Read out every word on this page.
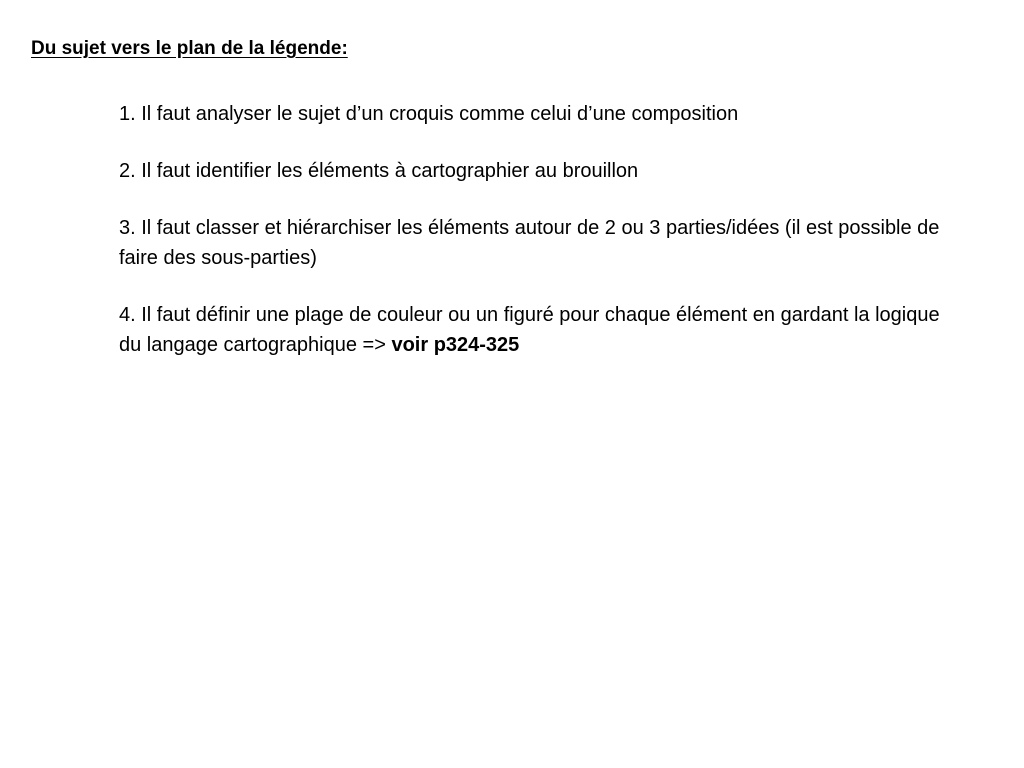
Du sujet vers le plan de la légende:
1. Il faut analyser le sujet d’un croquis comme celui d’une composition
2. Il faut identifier les éléments à cartographier au brouillon
3. Il faut classer et hiérarchiser les éléments autour de 2 ou 3 parties/idées (il est possible de faire des sous-parties)
4. Il faut définir une plage de couleur ou un figuré pour chaque élément en gardant la logique du langage cartographique => voir p324-325
